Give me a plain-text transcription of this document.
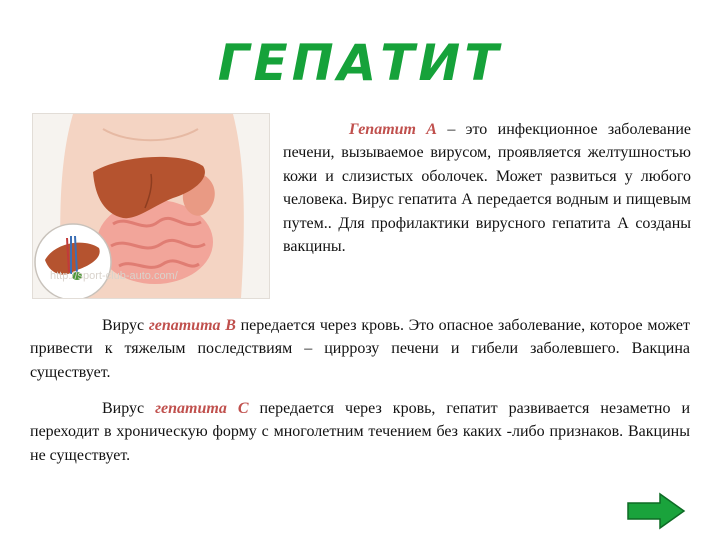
ГЕПАТИТ
http://sport-club-auto.com/
Гепатит А – это инфекционное заболевание печени, вызываемое вирусом, проявляется желтушностью кожи и слизистых оболочек. Может развиться у любого человека. Вирус гепатита А передается водным и пищевым путем.. Для профилактики вирусного гепатита А созданы вакцины.
Вирус гепатита В передается через кровь. Это опасное заболевание, которое может привести к тяжелым последствиям – циррозу печени и гибели заболевшего. Вакцина существует.
Вирус гепатита С передается через кровь, гепатит развивается незаметно и переходит в хроническую форму с многолетним течением без каких -либо признаков. Вакцины не существует.
